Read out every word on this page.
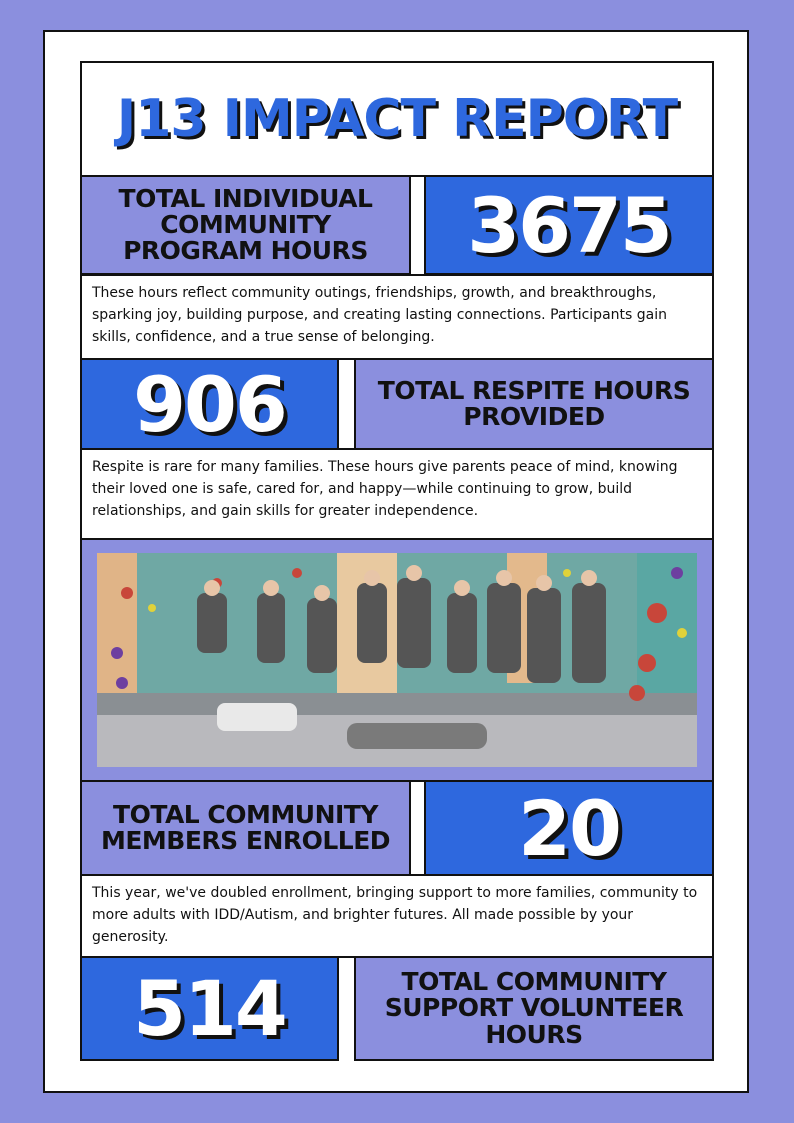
J13 IMPACT REPORT
TOTAL INDIVIDUAL COMMUNITY PROGRAM HOURS	3675
These hours reflect community outings, friendships, growth, and breakthroughs, sparking joy, building purpose, and creating lasting connections. Participants gain skills, confidence, and a true sense of belonging.
906	TOTAL RESPITE HOURS PROVIDED
Respite is rare for many families. These hours give parents peace of mind, knowing their loved one is safe, cared for, and happy—while continuing to grow, build relationships, and gain skills for greater independence.
TOTAL COMMUNITY MEMBERS ENROLLED	20
This year, we've doubled enrollment, bringing support to more families, community to more adults with IDD/Autism, and brighter futures. All made possible by your generosity.
514	TOTAL COMMUNITY SUPPORT VOLUNTEER HOURS
